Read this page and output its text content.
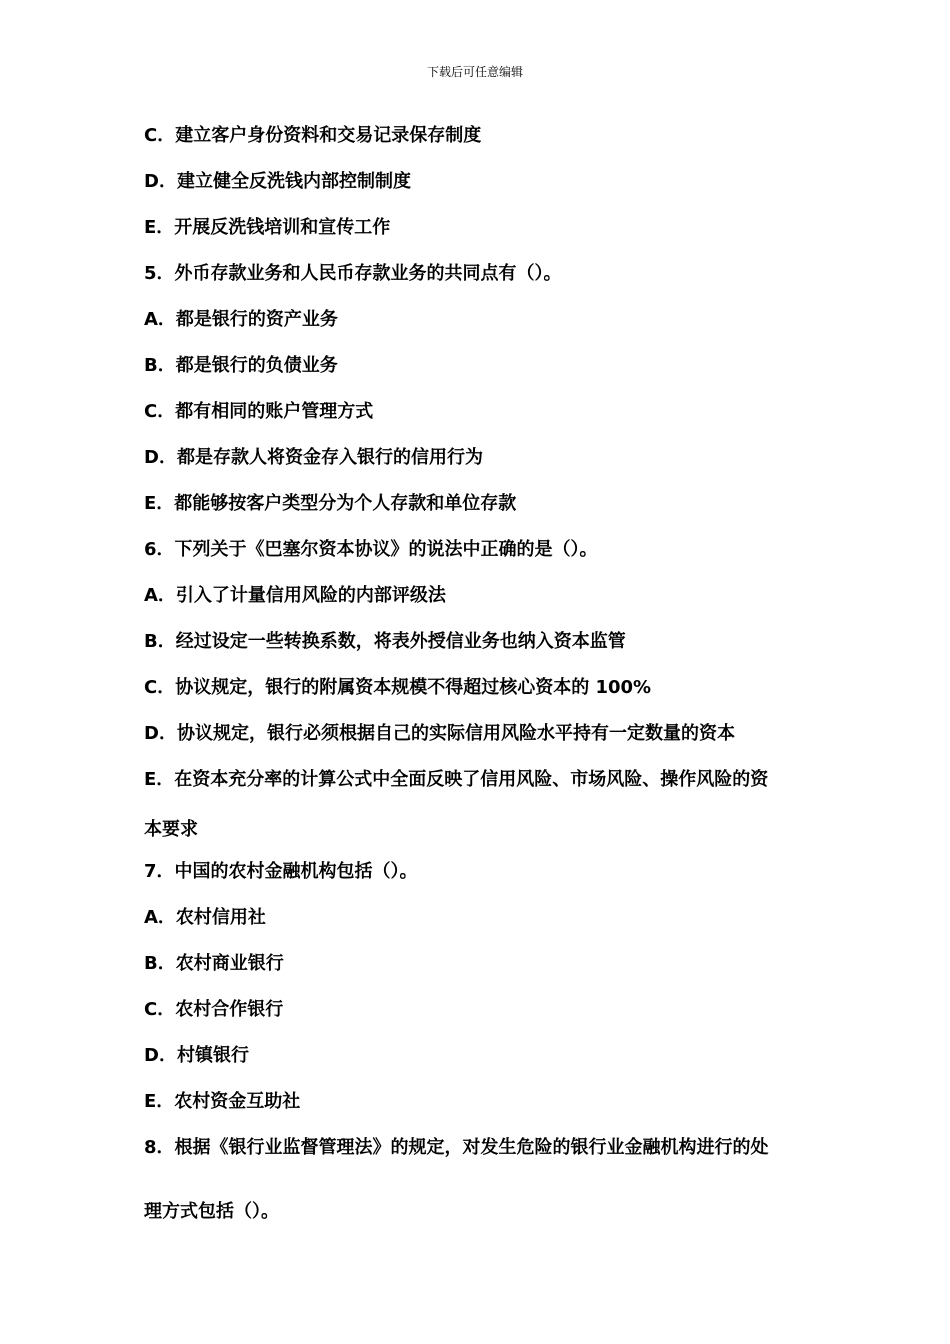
下载后可任意编辑
C．建立客户身份资料和交易记录保存制度
D．建立健全反洗钱内部控制制度
E．开展反洗钱培训和宣传工作
5．外币存款业务和人民币存款业务的共同点有（）。
A．都是银行的资产业务
B．都是银行的负债业务
C．都有相同的账户管理方式
D．都是存款人将资金存入银行的信用行为
E．都能够按客户类型分为个人存款和单位存款
6．下列关于《巴塞尔资本协议》的说法中正确的是（）。
A．引入了计量信用风险的内部评级法
B．经过设定一些转换系数，将表外授信业务也纳入资本监管
C．协议规定，银行的附属资本规模不得超过核心资本的 100%
D．协议规定，银行必须根据自己的实际信用风险水平持有一定数量的资本
E．在资本充分率的计算公式中全面反映了信用风险、市场风险、操作风险的资
本要求
7．中国的农村金融机构包括（）。
A．农村信用社
B．农村商业银行
C．农村合作银行
D．村镇银行
E．农村资金互助社
8．根据《银行业监督管理法》的规定，对发生危险的银行业金融机构进行的处
理方式包括（）。
